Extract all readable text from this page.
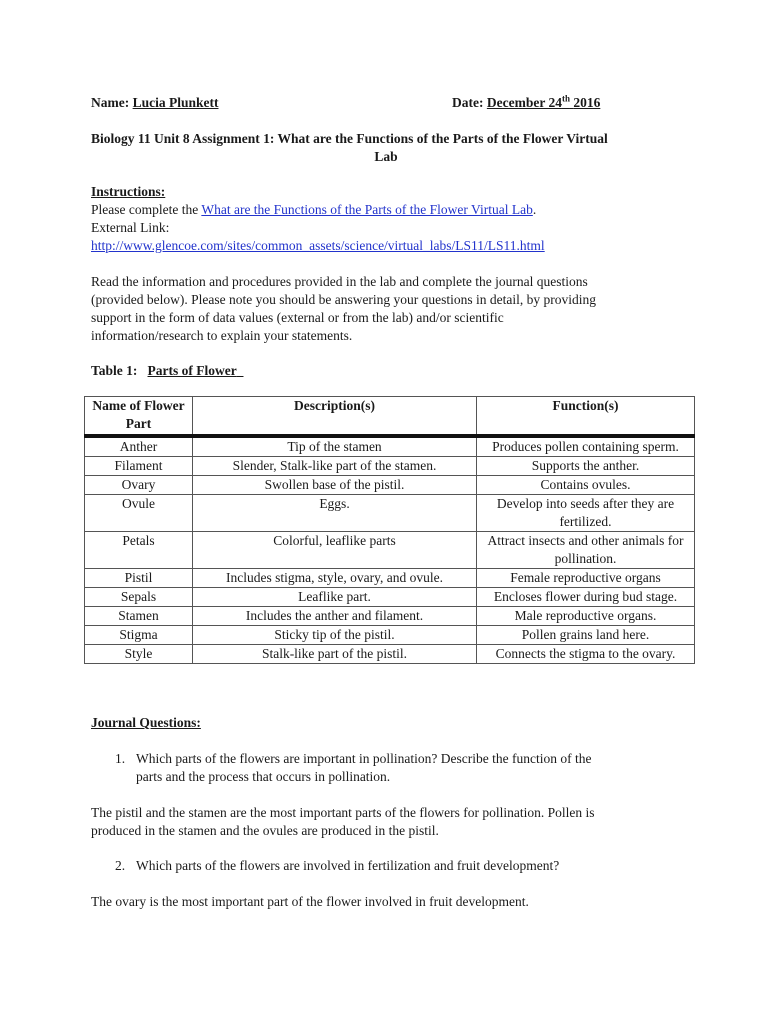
Name: Lucia Plunkett	Date: December 24th 2016
Biology 11 Unit 8 Assignment 1: What are the Functions of the Parts of the Flower Virtual
Lab
Instructions:
Please complete the What are the Functions of the Parts of the Flower Virtual Lab.
External Link:
http://www.glencoe.com/sites/common_assets/science/virtual_labs/LS11/LS11.html
Read the information and procedures provided in the lab and complete the journal questions
(provided below). Please note you should be answering your questions in detail, by providing
support in the form of data values (external or from the lab) and/or scientific
information/research to explain your statements.
Table 1: Parts of Flower
Name of Flower Part	Description(s)	Function(s)
Anther	Tip of the stamen	Produces pollen containing sperm.
Filament	Slender, Stalk-like part of the stamen.	Supports the anther.
Ovary	Swollen base of the pistil.	Contains ovules.
Ovule	Eggs.	Develop into seeds after they are fertilized.
Petals	Colorful, leaflike parts	Attract insects and other animals for pollination.
Pistil	Includes stigma, style, ovary, and ovule.	Female reproductive organs
Sepals	Leaflike part.	Encloses flower during bud stage.
Stamen	Includes the anther and filament.	Male reproductive organs.
Stigma	Sticky tip of the pistil.	Pollen grains land here.
Style	Stalk-like part of the pistil.	Connects the stigma to the ovary.
Journal Questions:
1. Which parts of the flowers are important in pollination? Describe the function of the
parts and the process that occurs in pollination.
The pistil and the stamen are the most important parts of the flowers for pollination. Pollen is
produced in the stamen and the ovules are produced in the pistil.
2. Which parts of the flowers are involved in fertilization and fruit development?
The ovary is the most important part of the flower involved in fruit development.
